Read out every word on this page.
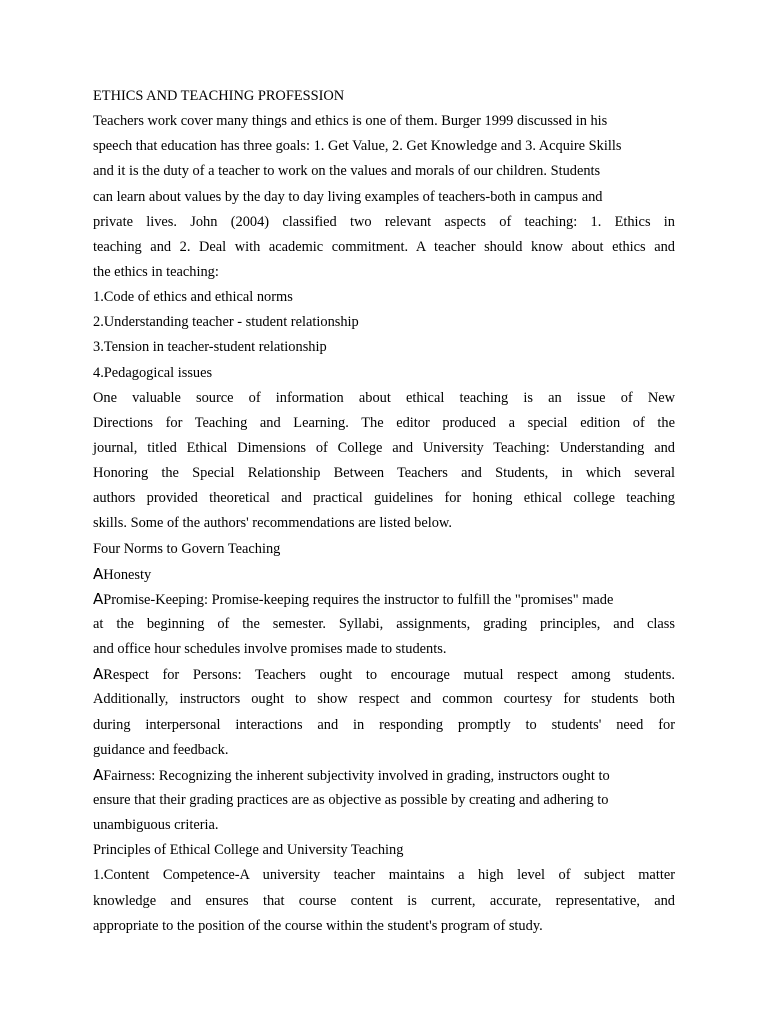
ETHICS AND TEACHING PROFESSION
Teachers work cover many things and ethics is one of them. Burger 1999 discussed in his
speech that education has three goals: 1. Get Value, 2. Get Knowledge and 3. Acquire Skills
and it is the duty of a teacher to work on the values and morals of our children. Students
can learn about values by the day to day living examples of teachers-both in campus and
private lives. John (2004) classified two relevant aspects of teaching: 1. Ethics in
teaching and 2. Deal with academic commitment. A teacher should know about ethics and
the ethics in teaching:
1.Code of ethics and ethical norms
2.Understanding teacher - student relationship
3.Tension in teacher-student relationship
4.Pedagogical issues
One valuable source of information about ethical teaching is an issue of New
Directions for Teaching and Learning. The editor produced a special edition of the
journal, titled Ethical Dimensions of College and University Teaching: Understanding and
Honoring the Special Relationship Between Teachers and Students, in which several
authors provided theoretical and practical guidelines for honing ethical college teaching
skills. Some of the authors' recommendations are listed below.
Four Norms to Govern Teaching
AHonesty
APromise-Keeping: Promise-keeping requires the instructor to fulfill the "promises" made
at the beginning of the semester. Syllabi, assignments, grading principles, and class
and office hour schedules involve promises made to students.
ARespect for Persons: Teachers ought to encourage mutual respect among students.
Additionally, instructors ought to show respect and common courtesy for students both
during interpersonal interactions and in responding promptly to students' need for
guidance and feedback.
AFairness: Recognizing the inherent subjectivity involved in grading, instructors ought to
ensure that their grading practices are as objective as possible by creating and adhering to
unambiguous criteria.
Principles of Ethical College and University Teaching
1.Content Competence-A university teacher maintains a high level of subject matter
knowledge and ensures that course content is current, accurate, representative, and
appropriate to the position of the course within the student's program of study.
